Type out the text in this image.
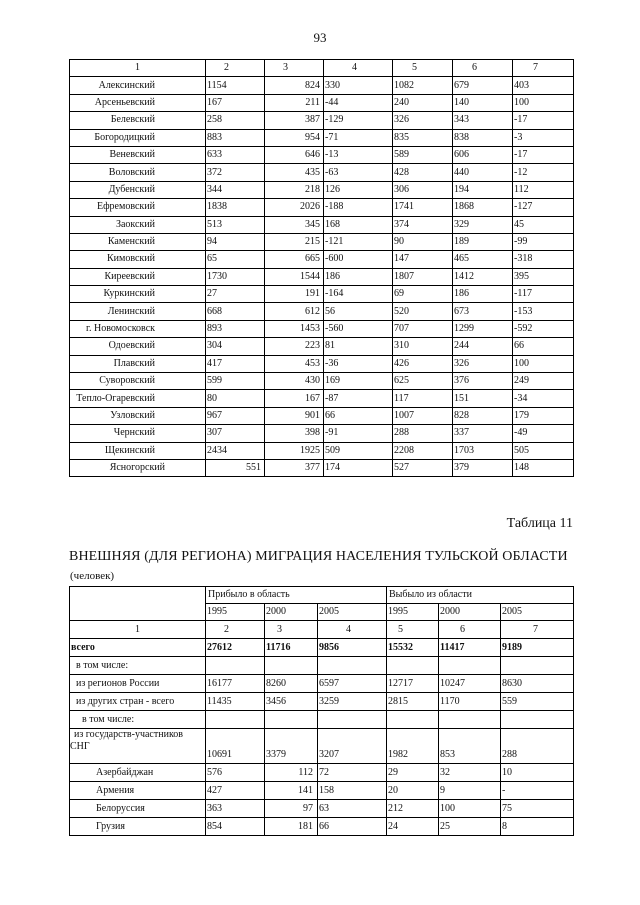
93
1	2	3	4	5	6	7
Алексинский	1154	824	330	1082	679	403
Арсеньевский	167	211	-44	240	140	100
Белевский	258	387	-129	326	343	-17
Богородицкий	883	954	-71	835	838	-3
Веневский	633	646	-13	589	606	-17
Воловский	372	435	-63	428	440	-12
Дубенский	344	218	126	306	194	112
Ефремовский	1838	2026	-188	1741	1868	-127
Заокский	513	345	168	374	329	45
Каменский	94	215	-121	90	189	-99
Кимовский	65	665	-600	147	465	-318
Киреевский	1730	1544	186	1807	1412	395
Куркинский	27	191	-164	69	186	-117
Ленинский	668	612	56	520	673	-153
г. Новомосковск	893	1453	-560	707	1299	-592
Одоевский	304	223	81	310	244	66
Плавский	417	453	-36	426	326	100
Суворовский	599	430	169	625	376	249
Тепло-Огаревский	80	167	-87	117	151	-34
Узловский	967	901	66	1007	828	179
Чернский	307	398	-91	288	337	-49
Щекинский	2434	1925	509	2208	1703	505
Ясногорский	551	377	174	527	379	148
Таблица 11
ВНЕШНЯЯ (ДЛЯ РЕГИОНА) МИГРАЦИЯ НАСЕЛЕНИЯ ТУЛЬСКОЙ ОБЛАСТИ
(человек)
	Прибыло в область			Выбыло из области		
	1995	2000	2005	1995	2000	2005
1	2	3	4	5	6	7
всего	27612	11716	9856	15532	11417	9189
в том числе:						
из регионов России	16177	8260	6597	12717	10247	8630
из других стран - всего	11435	3456	3259	2815	1170	559
в том числе:						

из государств-участников
СНГ	10691	3379	3207	1982	853	288
Азербайджан	576	112	72	29	32	10
Армения	427	141	158	20	9	-
Белоруссия	363	97	63	212	100	75
Грузия	854	181	66	24	25	8
